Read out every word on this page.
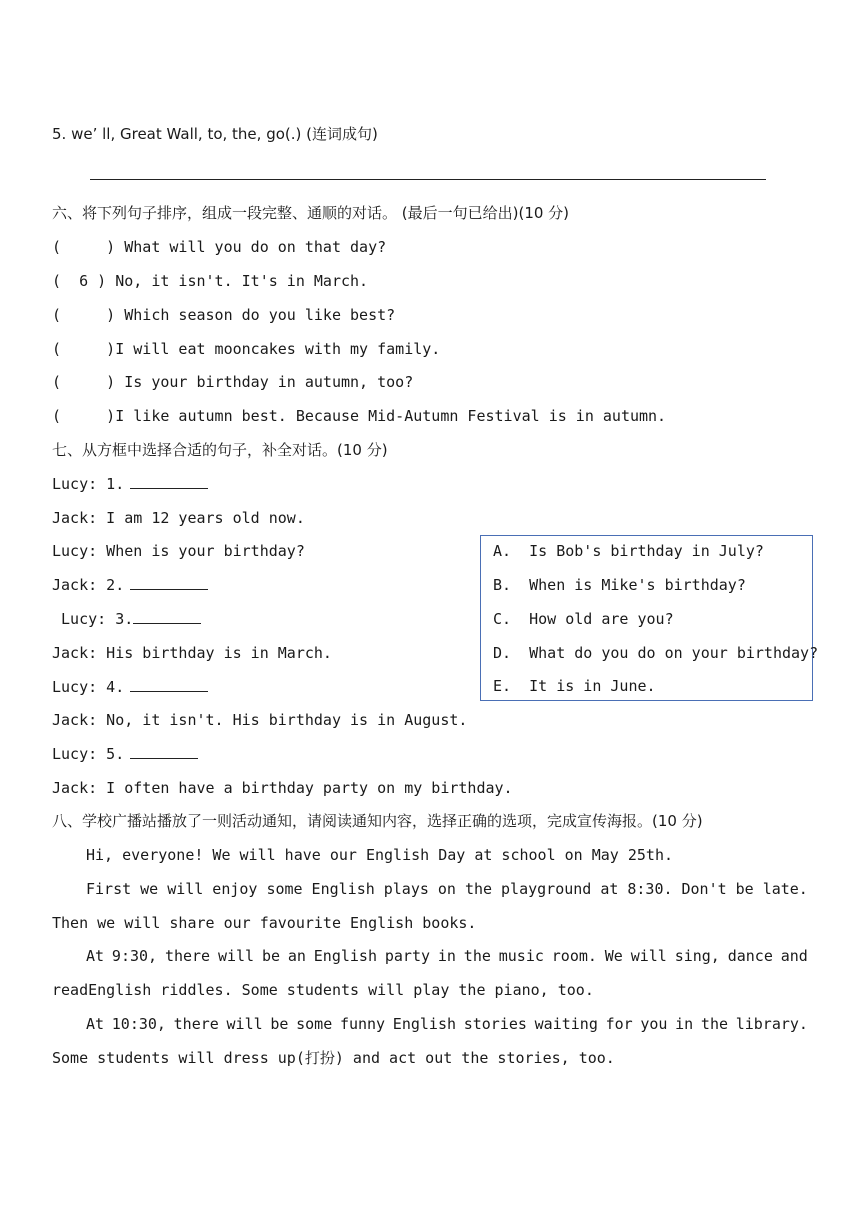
5. we’ ll, Great Wall, to, the, go(.) (连词成句)
六、将下列句子排序，组成一段完整、通顺的对话。 (最后一句已给出)(10 分)
(     ) What will you do on that day?
(  6 ) No, it isn't. It's in March.
(     ) Which season do you like best?
(     )I will eat mooncakes with my family.
(     ) Is your birthday in autumn, too?
(     )I like autumn best. Because Mid-Autumn Festival is in autumn.
七、从方框中选择合适的句子，补全对话。(10 分)
Lucy: 1.
Jack: I am 12 years old now.
Lucy: When is your birthday?
Jack: 2.
Lucy: 3.
Jack: His birthday is in March.
Lucy: 4.
Jack: No, it isn't. His birthday is in August.
Lucy: 5.
Jack: I often have a birthday party on my birthday.
A.  Is Bob's birthday in July?
B.  When is Mike's birthday?
C.  How old are you?
D.  What do you do on your birthday?
E.  It is in June.
八、学校广播站播放了一则活动通知，请阅读通知内容，选择正确的选项，完成宣传海报。(10 分)
Hi, everyone! We will have our English Day at school on May 25th.
First we will enjoy some English plays on the playground at 8:30. Don't be late.
Then we will share our favourite English books.
At 9:30, there will be an English party in the music room. We will sing, dance and
readEnglish riddles. Some students will play the piano, too.
At 10:30, there will be some funny English stories waiting for you in the library.
Some students will dress up(打扮) and act out the stories, too.
